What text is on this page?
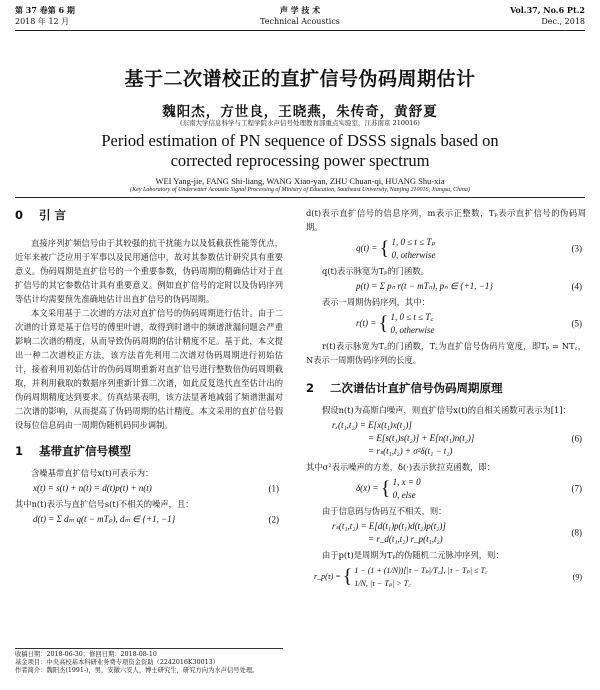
第 37 卷第 6 期
2018 年 12 月
声 学 技 术
Technical Acoustics
Vol.37, No.6 Pt.2
Dec., 2018
基于二次谱校正的直扩信号伪码周期估计
魏阳杰，方世良，王晓燕，朱传奇，黄舒夏
(东南大学信息科学与工程学院水声信号处理教育部重点实验室，江苏南京 210016)
Period estimation of PN sequence of DSSS signals based on
corrected reprocessing power spectrum
WEI Yang-jie, FANG Shi-liang, WANG Xiao-yan, ZHU Chuan-qi, HUANG Shu-xia
(Key Laboratory of Underwater Acoustic Signal Processing of Ministry of Education, Southeast University, Nanjing 210016, Jiangsu, China)
0 引 言

直接序列扩频信号由于其较强的抗干扰能力以及低截获性能等优点，近年来被广泛应用于军事以及民用通信中，故对其参数估计研究具有重要意义。伪码周期是直扩信号的一个重要参数，伪码周期的精确估计对于直扩信号的其它参数估计具有重要意义。例如直扩信号的定时以及伪码序列等估计均需要预先准确地估计出直扩信号的伪码周期。

本文采用基于二次谱的方法对直扩信号的伪码周期进行估计。由于二次谱的计算是基于信号的傅里叶谱，故得到时谱中的频谱泄漏问题会严重影响二次谱的精度，从而导致伪码周期的估计精度不足。基于此，本文提出一种二次谱校正方法，该方法首先利用二次谱对伪码周期进行初始估计，接着利用初始估计的伪码周期重新对直扩信号进行整数倍伪码周期截取，并利用截取的数据序列重新计算二次谱，如此反复迭代直至估计出的伪码周期精度达到要求。仿真结果表明，该方法显著地减弱了频谱泄漏对二次谱的影响，从而提高了伪码周期的估计精度。本文采用的直扩信号假设每位信息码由一周期伪随机码同步调制。

1 基带直扩信号模型

含噪基带直扩信号x(t)可表示为：

x(t) = s(t) + n(t) = d(t)p(t) + n(t)	(1)

其中n(t)表示与直扩信号s(t)不相关的噪声，且：

d(t) = Σ dₘ q(t − mTₚ), dₘ ∈ {+1, −1}	(2)
收稿日期：2018-06-30；修回日期：2018-08-10
基金项目：中央高校基本科研业务费专项资金资助（2242016K30013）
作者简介：魏阳杰(1991-)，男，安徽六安人，博士研究生，研究方向为水声信号处理。

d(t)表示直扩信号的信息序列，m表示正整数，Tₚ表示直扩信号的伪码周期。

q(t) = { 1, 0 ≤ t ≤ Tₚ
0, otherwise
(3)

q(t)表示脉宽为Tₚ的门函数。

p(t) = Σ pₙ r(t − mTₙ), pₙ ∈ {+1, −1}	(4)

表示一周期伪码序列，其中：

r(t) = { 1, 0 ≤ t ≤ T꜀
0, otherwise
(5)

r(t)表示脉宽为T꜀的门函数，T꜀为直扩信号伪码片宽度，即Tₚ = NT꜀，N表示一周期伪码序列的长度。

2 二次谱估计直扩信号伪码周期原理

假设n(t)为高斯白噪声，则直扩信号x(t)的自相关函数可表示为[1]：

rₓ(t₁,t₂) = E[x(t₁)x(t₂)]
= E[s(t₁)s(t₂)] + E[n(t₁)n(t₂)]
= rₛ(t₁,t₂) + σ²δ(t₁ − t₂)
(6)

其中σ²表示噪声的方差，δ(·)表示狄拉克函数，即：

δ(x) = { 1, x = 0
0, else
(7)

由于信息码与伪码互不相关，则：

rₛ(t₁,t₂) = E[d(t₁)p(t₁)d(t₂)p(t₂)]
= r_d(t₁,t₂) r_p(t₁,t₂)
(8)

由于p(t)是周期为Tₚ的伪随机二元脉冲序列，则：

r_p(τ) = { 1 − (1 + (1/N))[|τ − Tₚ|/T꜀], |τ − Tₚ| ≤ T꜀
1/N, |τ − Tₚ| > T꜀
(9)
